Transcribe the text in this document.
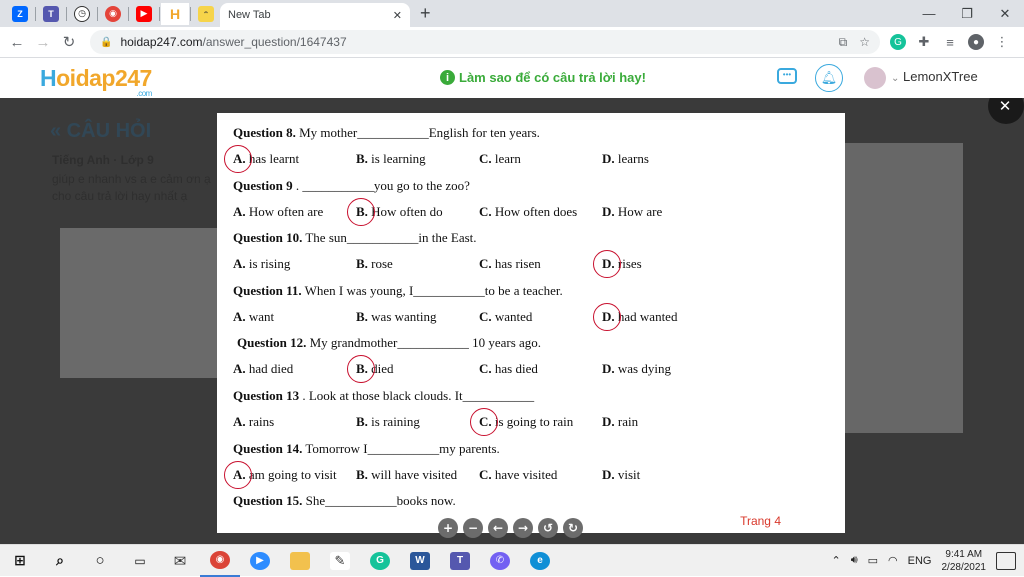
Z	T	◷	◉	▶	H	ᵔ	New Tab	✕ +	—	❐	✕
← → ↻	🔒 hoidap247.com /answer_question/1647437	⧉ ☆	G	✚	≡	●	⋮
Hoidap247
.com
i Làm sao để có câu trả lời hay!	•••	🔔︎	⌄ LemonXTree
« CÂU HỎI
Tiếng Anh · Lớp 9
giúp e nhanh vs a e cảm ơn ạ cho câu trả lời hay nhất ạ
✕
Trang 4
Question 8. My mother___________English for ten years.
A. has learnt	B. is learning	C. learn	D. learns
Question 9 . ___________you go to the zoo?
A. How often are	B. How often do	C. How often does D. How are
Question 10. The sun___________in the East.
A. is rising	B. rose	C. has risen	D. rises
Question 11. When I was young, I___________to be a teacher.
A. want	B. was wanting	C. wanted	D. had wanted
Question 12. My grandmother___________ 10 years ago.
A. had died	B. died	C. has died	D. was dying
Question 13 . Look at those black clouds. It___________
A. rains	B. is raining	C. is going to rain D. rain
Question 14. Tomorrow I___________my parents.
A. am going to visit B. will have visited C. have visited	D. visit
Question 15. She___________books now.
+	−	←	→	↺	↻
⊞	⌕	○	▭ ✉	◉	▶	✎	G	W	T	✆	e	⌃ 🔊︎ ▭ ◠ ENG
9:41 AM
2/28/2021
